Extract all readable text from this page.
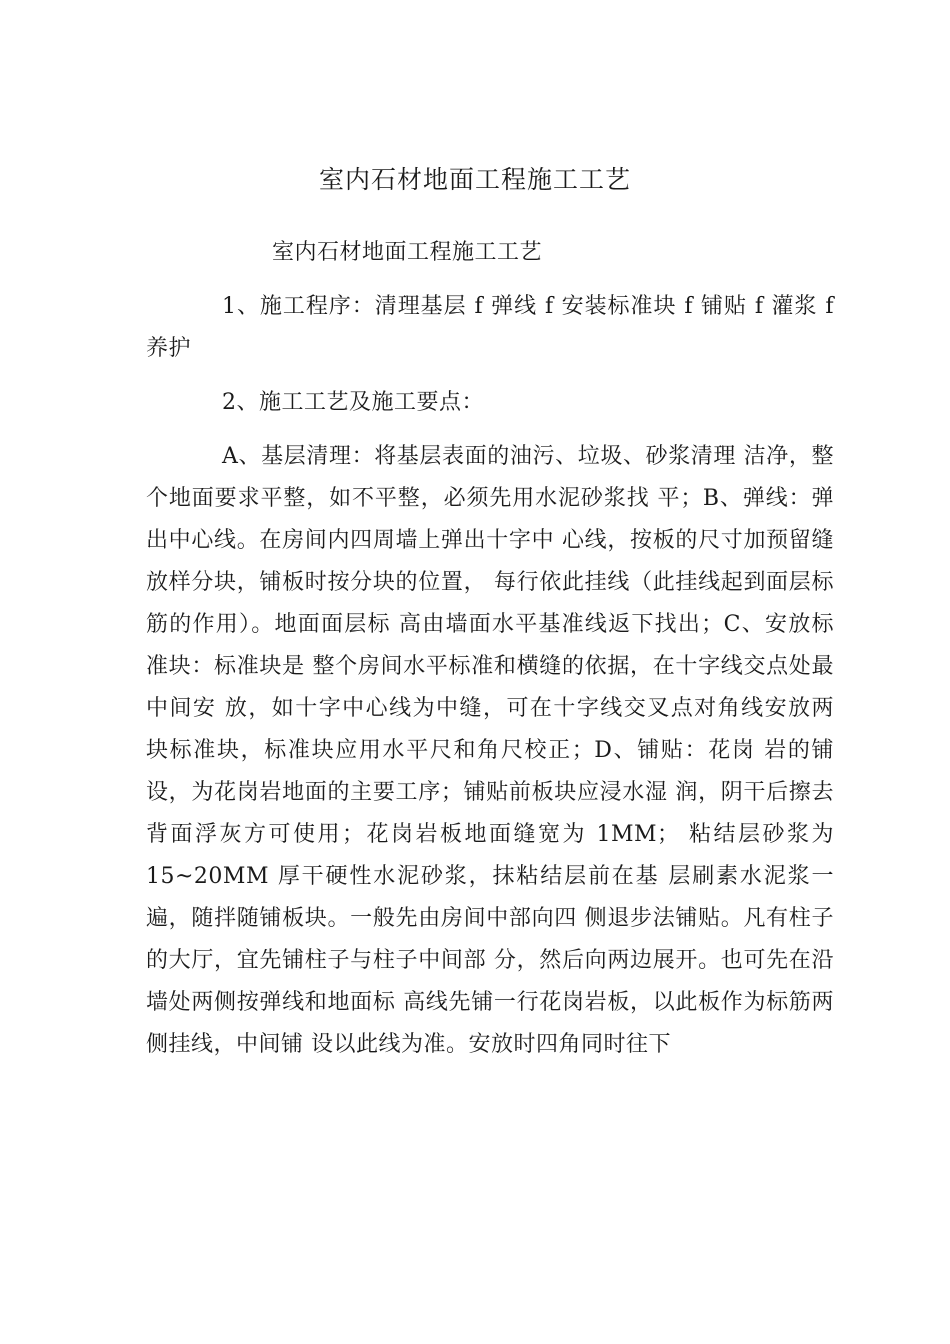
室内石材地面工程施工工艺

室内石材地面工程施工工艺

1、施工程序：清理基层 f 弹线 f 安装标准块 f 铺贴 f 灌浆 f 养护

2、施工工艺及施工要点：

A、基层清理：将基层表面的油污、垃圾、砂浆清理 洁净，整个地面要求平整，如不平整，必须先用水泥砂浆找 平；B、弹线：弹出中心线。在房间内四周墙上弹出十字中 心线，按板的尺寸加预留缝放样分块，铺板时按分块的位置， 每行依此挂线（此挂线起到面层标筋的作用）。地面面层标 高由墙面水平基准线返下找出；C、安放标准块：标准块是 整个房间水平标准和横缝的依据，在十字线交点处最中间安 放，如十字中心线为中缝，可在十字线交叉点对角线安放两 块标准块，标准块应用水平尺和角尺校正；D、铺贴：花岗 岩的铺设，为花岗岩地面的主要工序；铺贴前板块应浸水湿 润，阴干后擦去背面浮灰方可使用；花岗岩板地面缝宽为 1MM； 粘结层砂浆为 15~20MM 厚干硬性水泥砂浆，抹粘结层前在基 层刷素水泥浆一遍，随拌随铺板块。一般先由房间中部向四 侧退步法铺贴。凡有柱子的大厅，宜先铺柱子与柱子中间部 分，然后向两边展开。也可先在沿墙处两侧按弹线和地面标 高线先铺一行花岗岩板，以此板作为标筋两侧挂线，中间铺 设以此线为准。安放时四角同时往下
